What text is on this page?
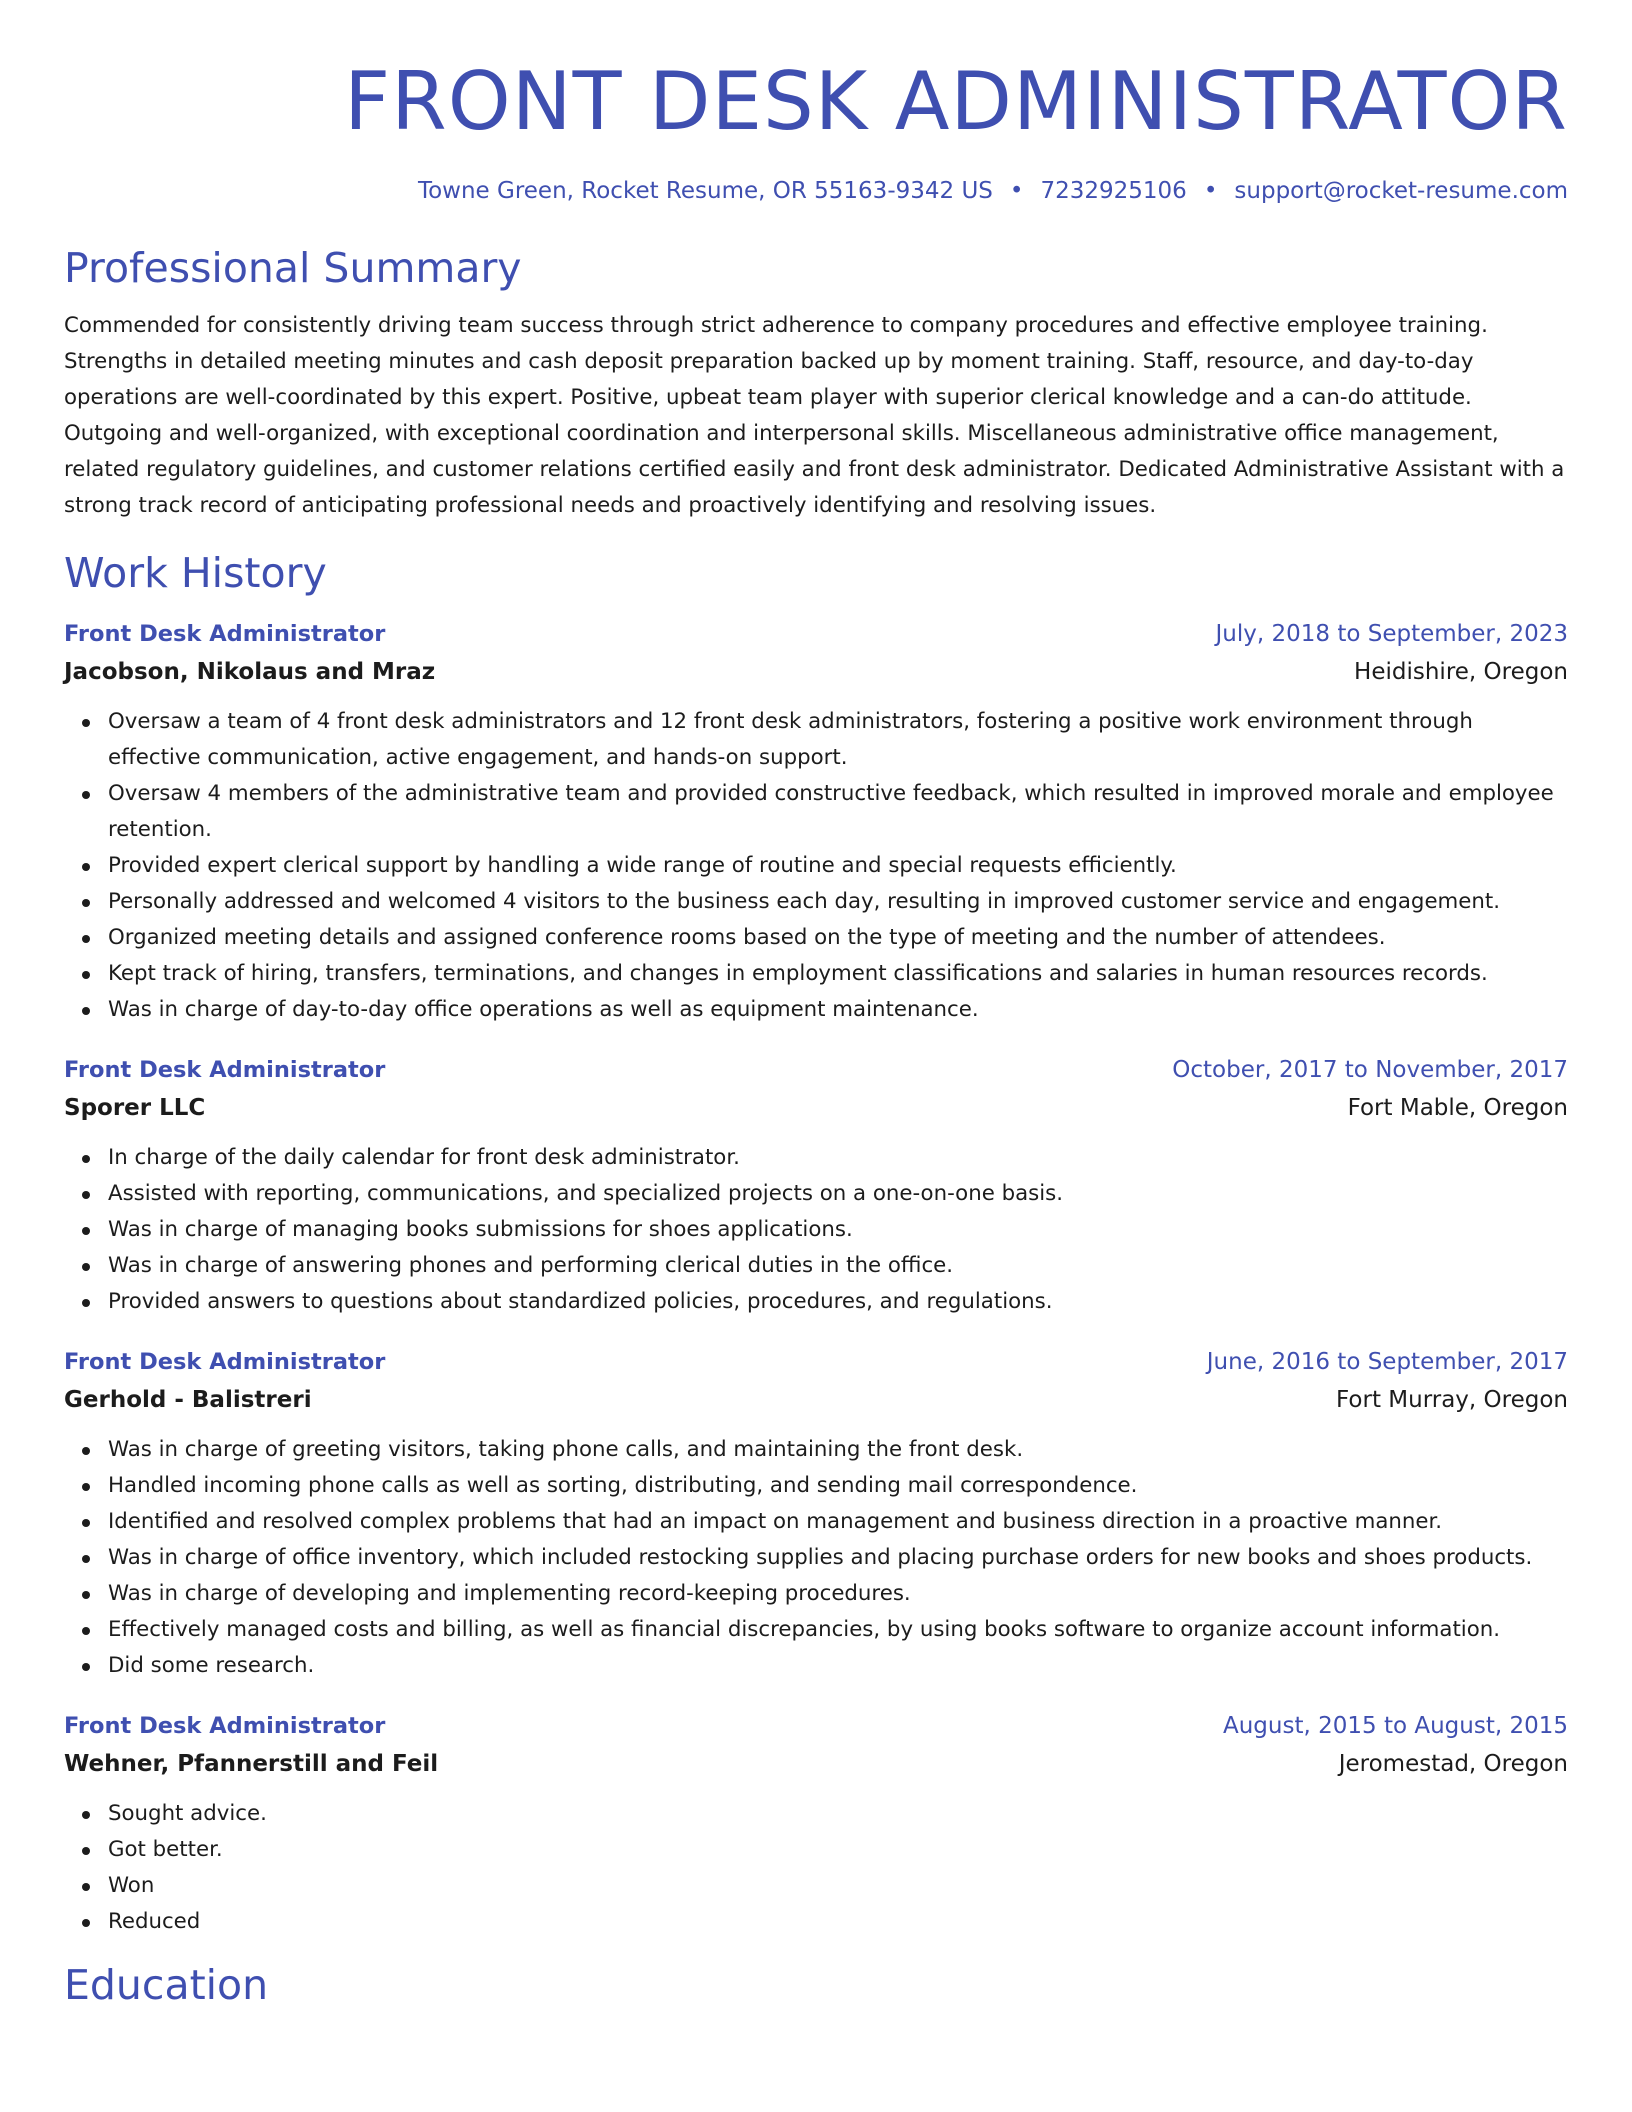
FRONT DESK ADMINISTRATOR
Towne Green, Rocket Resume, OR 55163-9342 US • 7232925106 • support@rocket-resume.com
Professional Summary

Commended for consistently driving team success through strict adherence to company procedures and effective employee training. Strengths in detailed meeting minutes and cash deposit preparation backed up by moment training. Staff, resource, and day-to-day operations are well-coordinated by this expert. Positive, upbeat team player with superior clerical knowledge and a can-do attitude. Outgoing and well-organized, with exceptional coordination and interpersonal skills. Miscellaneous administrative office management, related regulatory guidelines, and customer relations certified easily and front desk administrator. Dedicated Administrative Assistant with a strong track record of anticipating professional needs and proactively identifying and resolving issues.

Work History
Front Desk Administrator	July, 2018 to September, 2023
Jacobson, Nikolaus and Mraz	Heidishire, Oregon
Oversaw a team of 4 front desk administrators and 12 front desk administrators, fostering a positive work environment through effective communication, active engagement, and hands-on support.
Oversaw 4 members of the administrative team and provided constructive feedback, which resulted in improved morale and employee retention.
Provided expert clerical support by handling a wide range of routine and special requests efficiently.
Personally addressed and welcomed 4 visitors to the business each day, resulting in improved customer service and engagement.
Organized meeting details and assigned conference rooms based on the type of meeting and the number of attendees.
Kept track of hiring, transfers, terminations, and changes in employment classifications and salaries in human resources records.
Was in charge of day-to-day office operations as well as equipment maintenance.
Front Desk Administrator	October, 2017 to November, 2017
Sporer LLC	Fort Mable, Oregon
In charge of the daily calendar for front desk administrator.
Assisted with reporting, communications, and specialized projects on a one-on-one basis.
Was in charge of managing books submissions for shoes applications.
Was in charge of answering phones and performing clerical duties in the office.
Provided answers to questions about standardized policies, procedures, and regulations.
Front Desk Administrator	June, 2016 to September, 2017
Gerhold - Balistreri	Fort Murray, Oregon
Was in charge of greeting visitors, taking phone calls, and maintaining the front desk.
Handled incoming phone calls as well as sorting, distributing, and sending mail correspondence.
Identified and resolved complex problems that had an impact on management and business direction in a proactive manner.
Was in charge of office inventory, which included restocking supplies and placing purchase orders for new books and shoes products.
Was in charge of developing and implementing record-keeping procedures.
Effectively managed costs and billing, as well as financial discrepancies, by using books software to organize account information.
Did some research.
Front Desk Administrator	August, 2015 to August, 2015
Wehner, Pfannerstill and Feil	Jeromestad, Oregon
Sought advice.
Got better.
Won
Reduced
Education
